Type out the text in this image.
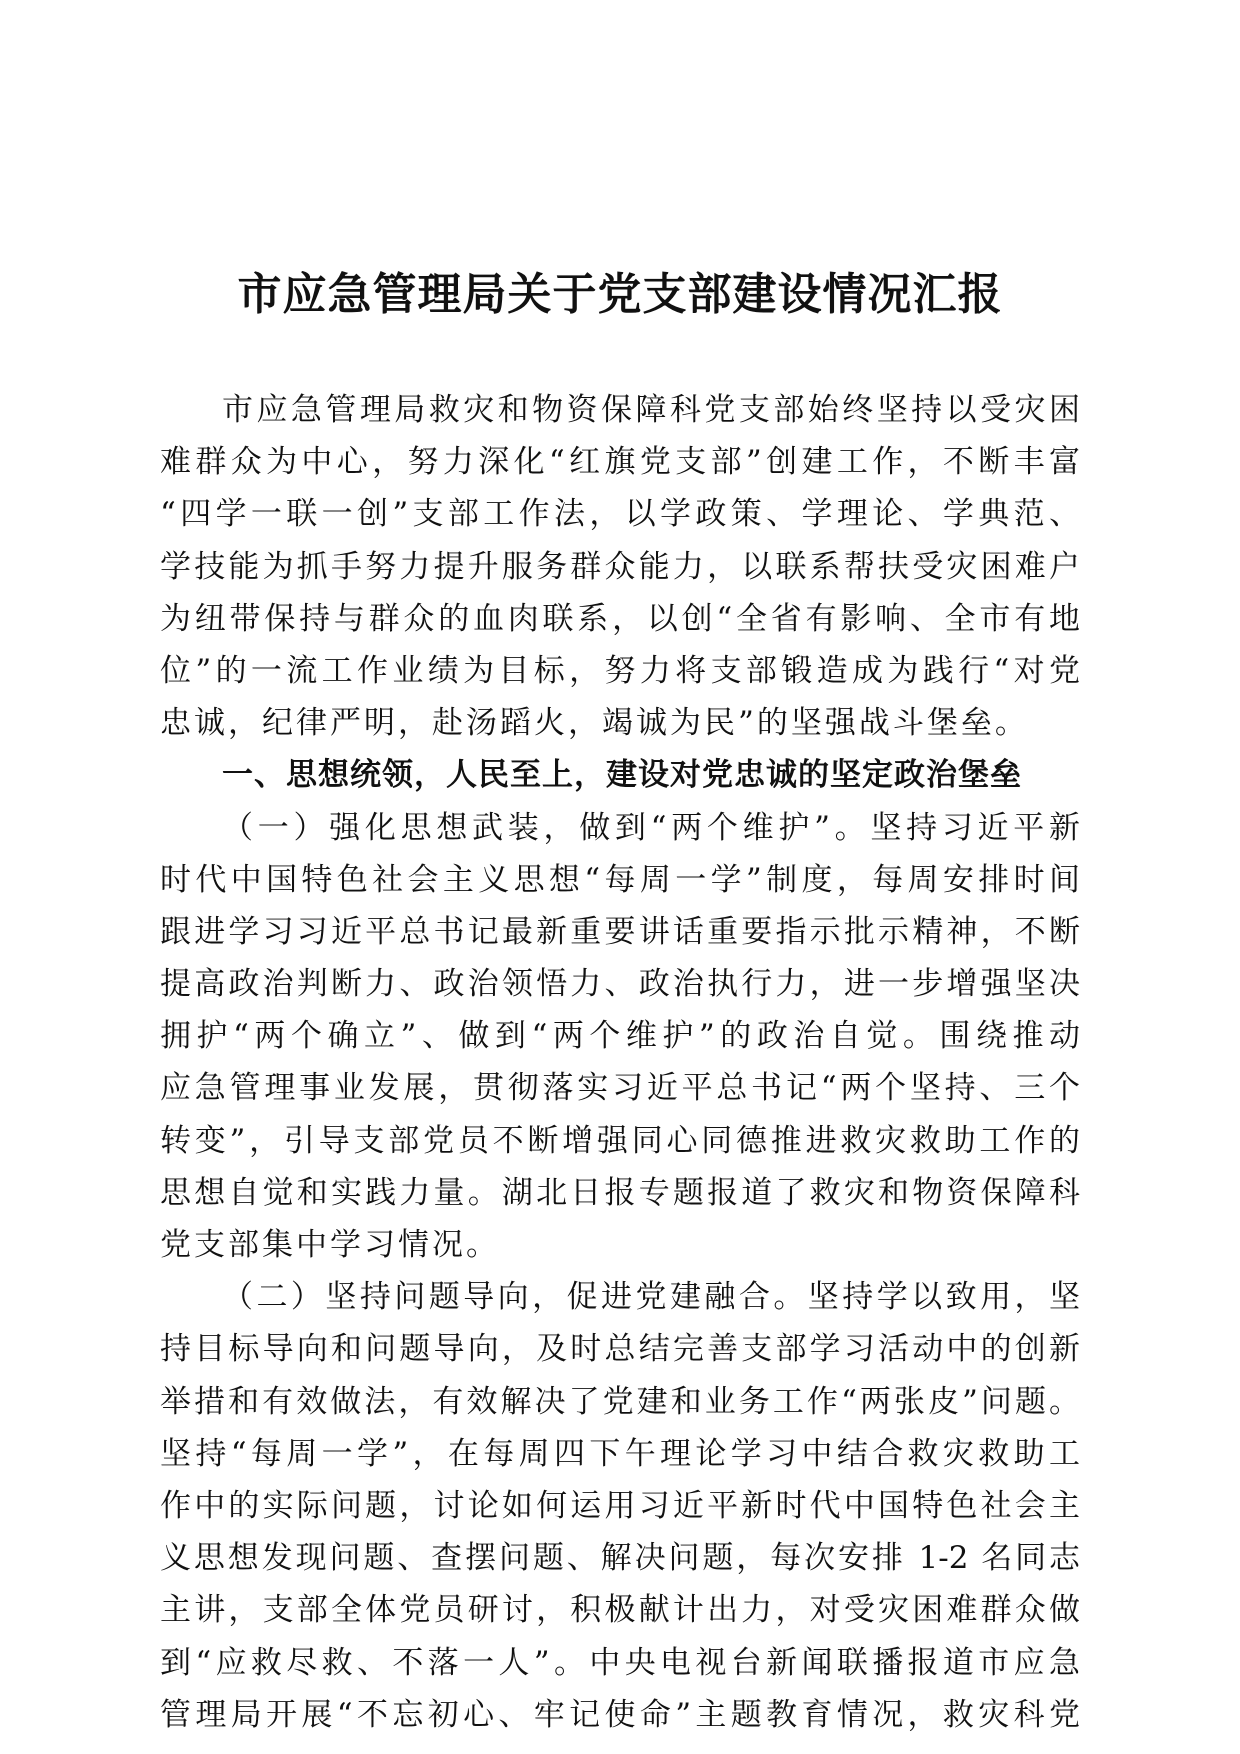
市应急管理局关于党支部建设情况汇报
市应急管理局救灾和物资保障科党支部始终坚持以受灾困
难群众为中心，努力深化“红旗党支部”创建工作，不断丰富
“四学一联一创”支部工作法，以学政策、学理论、学典范、
学技能为抓手努力提升服务群众能力，以联系帮扶受灾困难户
为纽带保持与群众的血肉联系，以创“全省有影响、全市有地
位”的一流工作业绩为目标，努力将支部锻造成为践行“对党
忠诚，纪律严明，赴汤蹈火，竭诚为民”的坚强战斗堡垒。
一、思想统领，人民至上，建设对党忠诚的坚定政治堡垒
（一）强化思想武装，做到“两个维护”。坚持习近平新
时代中国特色社会主义思想“每周一学”制度，每周安排时间
跟进学习习近平总书记最新重要讲话重要指示批示精神，不断
提高政治判断力、政治领悟力、政治执行力，进一步增强坚决
拥护“两个确立”、做到“两个维护”的政治自觉。围绕推动
应急管理事业发展，贯彻落实习近平总书记“两个坚持、三个
转变”，引导支部党员不断增强同心同德推进救灾救助工作的
思想自觉和实践力量。湖北日报专题报道了救灾和物资保障科
党支部集中学习情况。
（二）坚持问题导向，促进党建融合。坚持学以致用，坚
持目标导向和问题导向，及时总结完善支部学习活动中的创新
举措和有效做法，有效解决了党建和业务工作“两张皮”问题。
坚持“每周一学”，在每周四下午理论学习中结合救灾救助工
作中的实际问题，讨论如何运用习近平新时代中国特色社会主
义思想发现问题、查摆问题、解决问题，每次安排 1-2 名同志
主讲，支部全体党员研讨，积极献计出力，对受灾困难群众做
到“应救尽救、不落一人”。中央电视台新闻联播报道市应急
管理局开展“不忘初心、牢记使命”主题教育情况，救灾科党
